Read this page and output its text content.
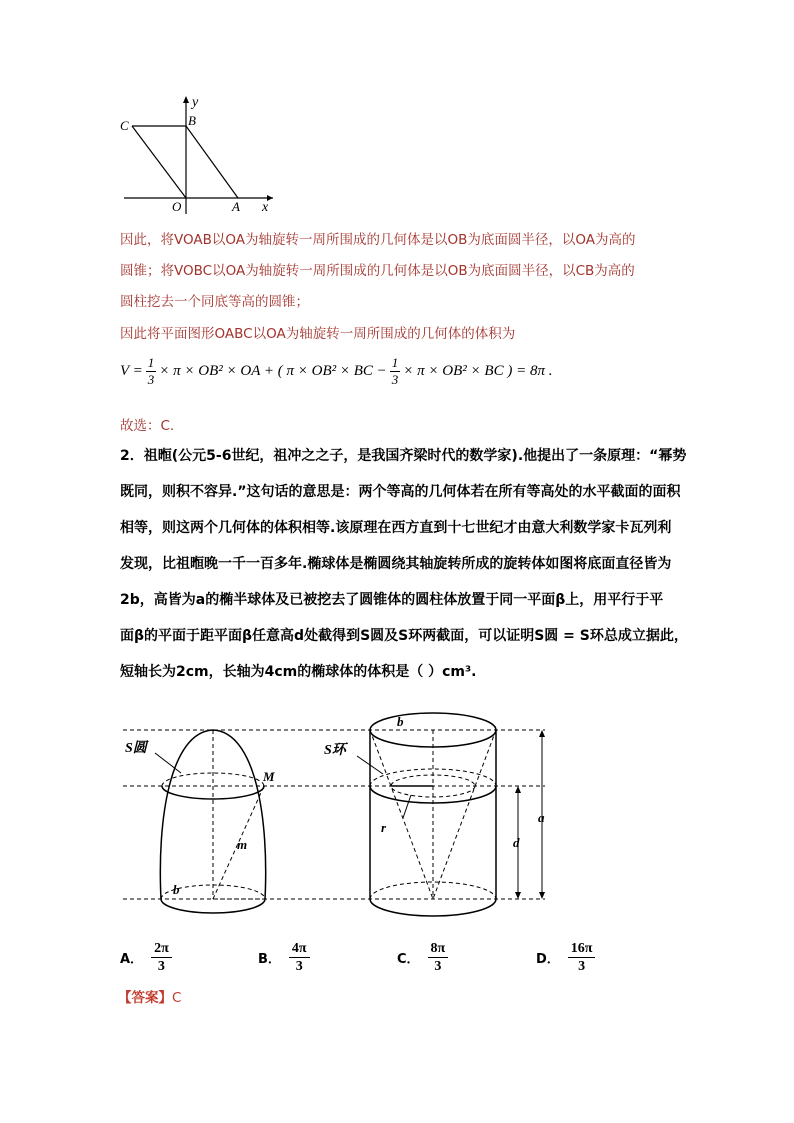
y
B
C
O	A x
因此，将VOAB以OA为轴旋转一周所围成的几何体是以OB为底面圆半径，以OA为高的
圆锥；将VOBC以OA为轴旋转一周所围成的几何体是以OB为底面圆半径，以CB为高的
圆柱挖去一个同底等高的圆锥；
因此将平面图形OABC以OA为轴旋转一周所围成的几何体的体积为
$V = \frac{1}{3} \times \pi \times OB^2$ × OA + ( π × OB² × BC − $\frac{1}{3} \times \pi \times OB^2$ × BC ) = 8π .
故选：C.
2．祖暅(公元5-6世纪，祖冲之之子，是我国齐梁时代的数学家).他提出了一条原理：“幂势
既同，则积不容异.”这句话的意思是：两个等高的几何体若在所有等高处的水平截面的面积
相等，则这两个几何体的体积相等.该原理在西方直到十七世纪才由意大利数学家卡瓦列利
发现，比祖暅晚一千一百多年.椭球体是椭圆绕其轴旋转所成的旋转体如图将底面直径皆为
2b，高皆为a的椭半球体及已被挖去了圆锥体的圆柱体放置于同一平面β上，用平行于平
面β的平面于距平面β任意高d处截得到S圆及S环两截面，可以证明S圆 = S环总成立据此，
短轴长为2cm，长轴为4cm的椭球体的体积是（ ）cm³.
S圆
M
m
b
b
S环
r
d
a
A． $\frac{2\pi}{3}$	B． $\frac{4\pi}{3}$	C． $\frac{8\pi}{3}$	D． $\frac{16\pi}{3}$
【答案】C
